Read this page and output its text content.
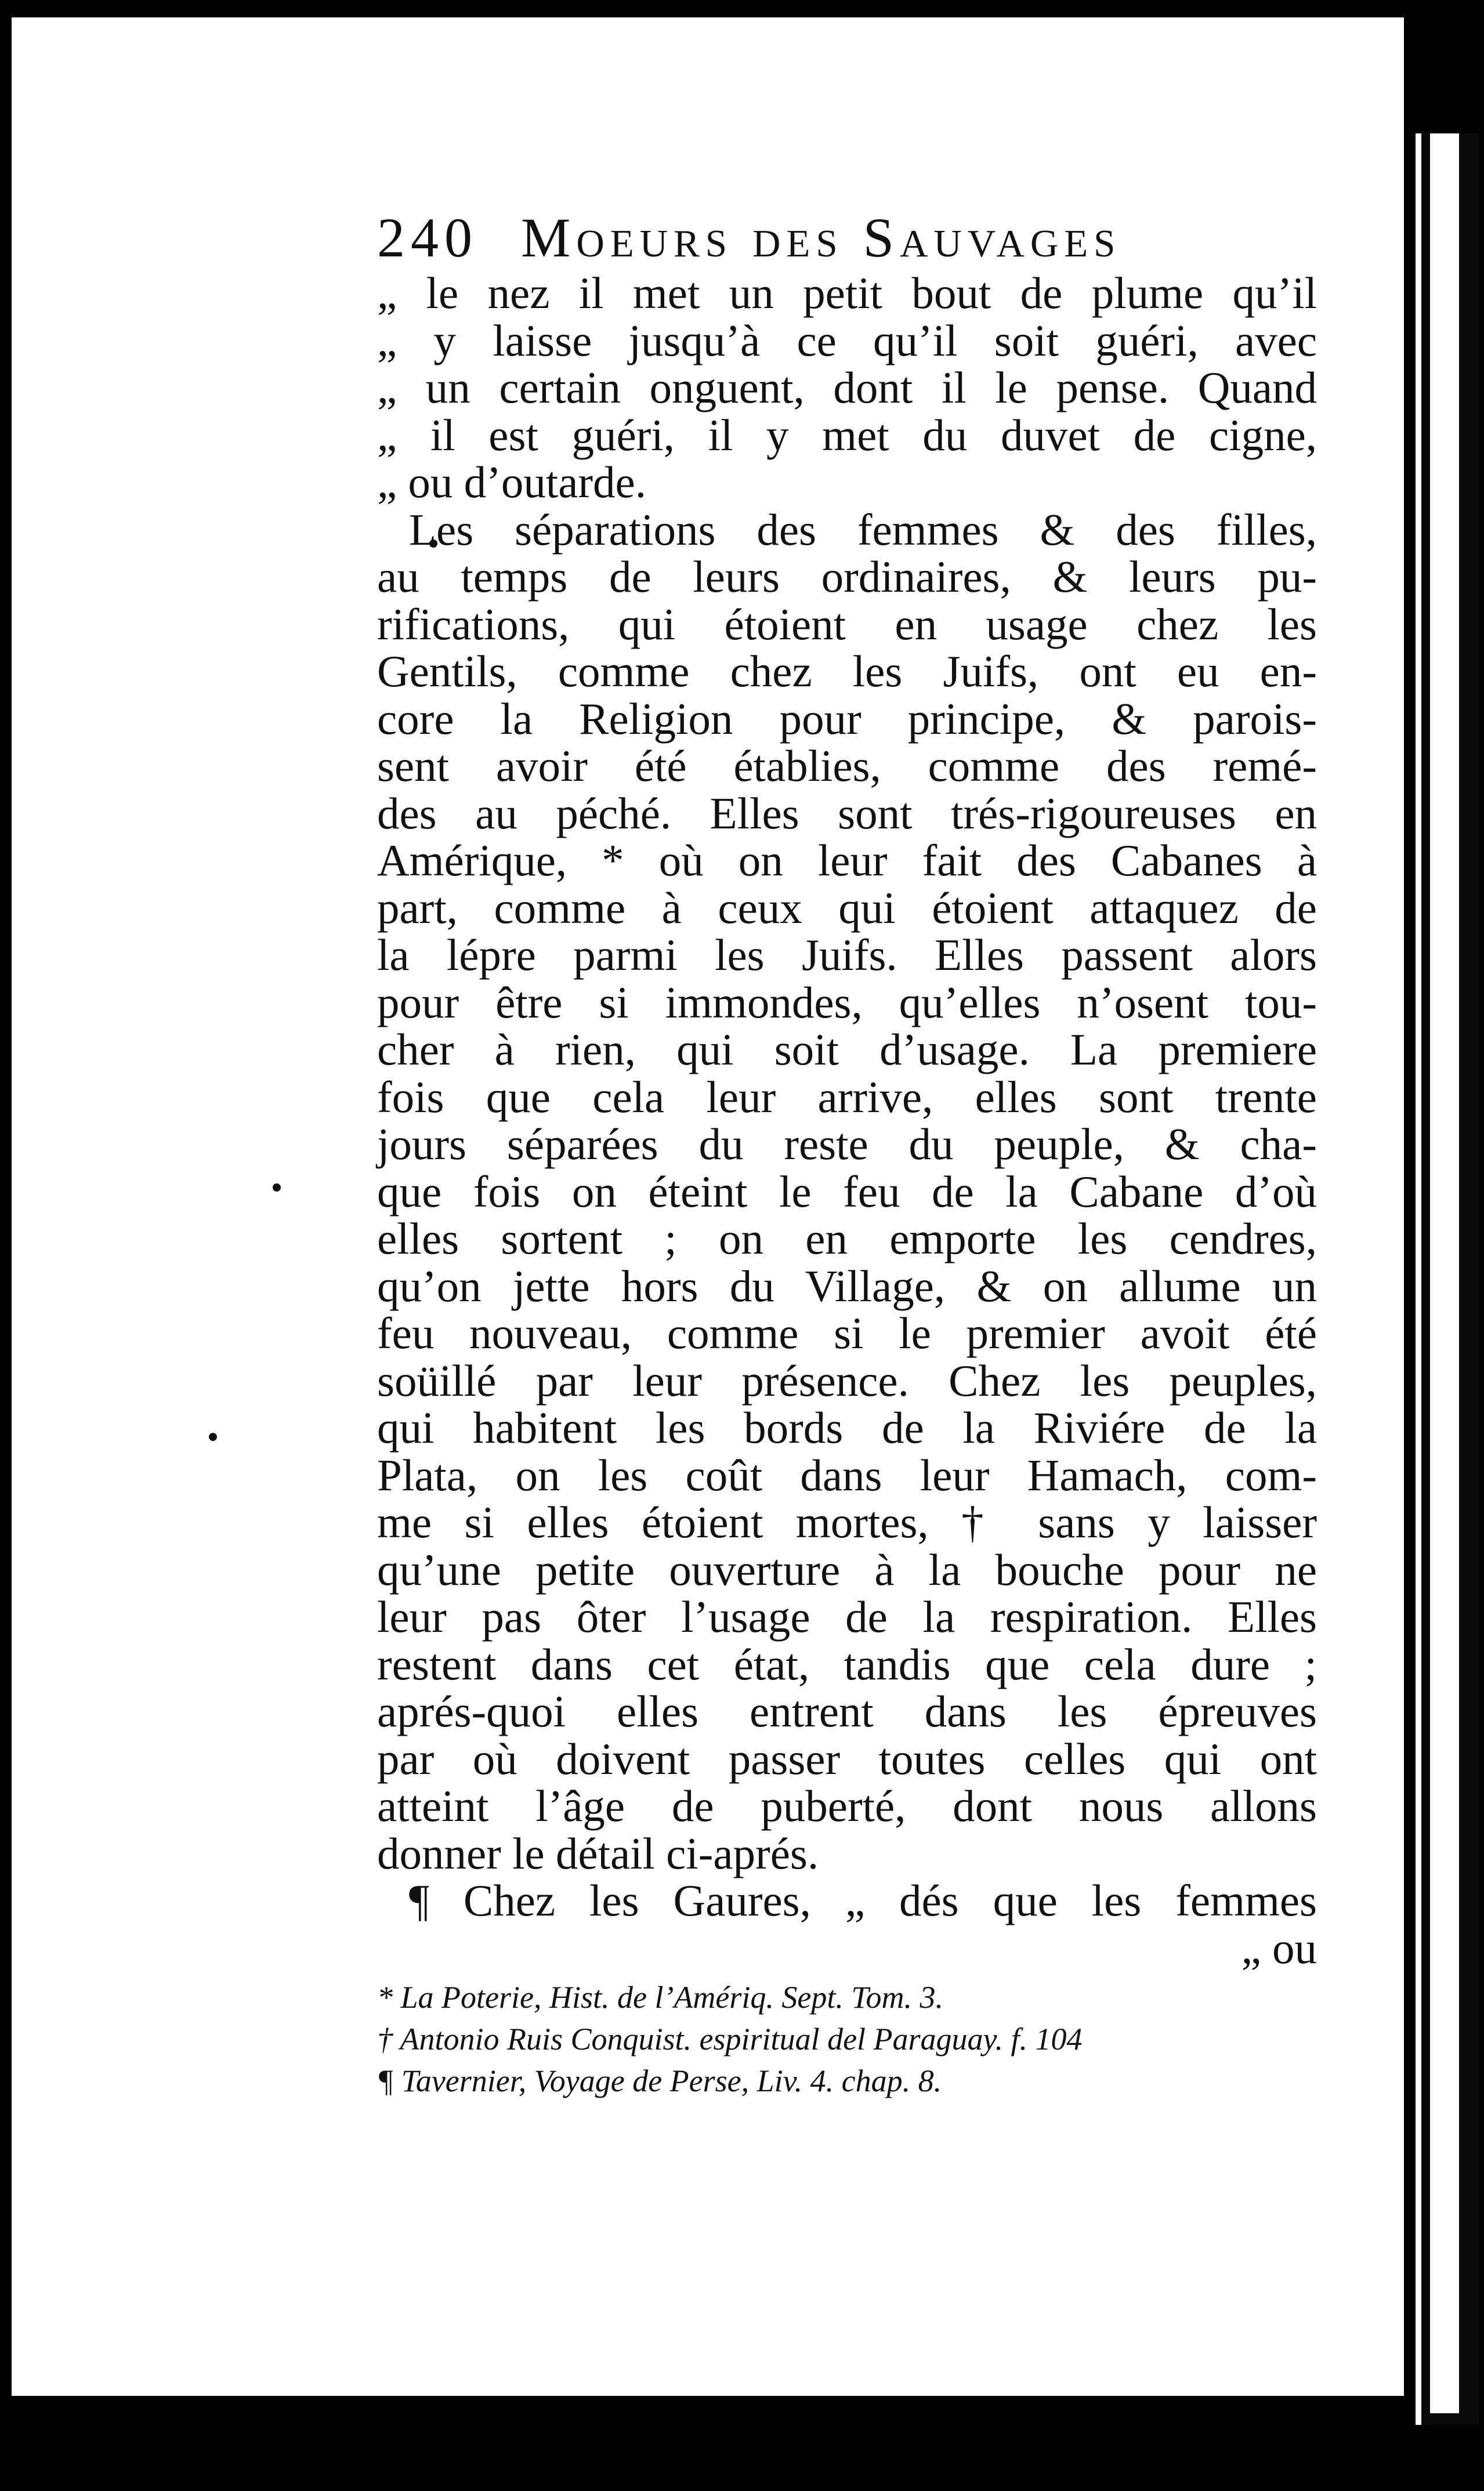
240 Moeurs des Sauvages
„ le nez il met un petit bout de plume qu’il
„ y laisse jusqu’à ce qu’il soit guéri, avec
„ un certain onguent, dont il le pense. Quand
„ il est guéri, il y met du duvet de cigne,
„ ou d’outarde.
Les séparations des femmes & des filles,
au temps de leurs ordinaires, & leurs pu-
rifications, qui étoient en usage chez les
Gentils, comme chez les Juifs, ont eu en-
core la Religion pour principe, & parois-
sent avoir été établies, comme des remé-
des au péché. Elles sont trés-rigoureuses en
Amérique, * où on leur fait des Cabanes à
part, comme à ceux qui étoient attaquez de
la lépre parmi les Juifs. Elles passent alors
pour être si immondes, qu’elles n’osent tou-
cher à rien, qui soit d’usage. La premiere
fois que cela leur arrive, elles sont trente
jours séparées du reste du peuple, & cha-
que fois on éteint le feu de la Cabane d’où
elles sortent ; on en emporte les cendres,
qu’on jette hors du Village, & on allume un
feu nouveau, comme si le premier avoit été
soüillé par leur présence. Chez les peuples,
qui habitent les bords de la Riviére de la
Plata, on les coût dans leur Hamach, com-
me si elles étoient mortes, † sans y laisser
qu’une petite ouverture à la bouche pour ne
leur pas ôter l’usage de la respiration. Elles
restent dans cet état, tandis que cela dure ;
aprés-quoi elles entrent dans les épreuves
par où doivent passer toutes celles qui ont
atteint l’âge de puberté, dont nous allons
donner le détail ci-aprés.
¶ Chez les Gaures, „ dés que les femmes
„ ou
* La Poterie, Hist. de l’Amériq. Sept. Tom. 3.
† Antonio Ruis Conquist. espiritual del Paraguay. f. 104
¶ Tavernier, Voyage de Perse, Liv. 4. chap. 8.
